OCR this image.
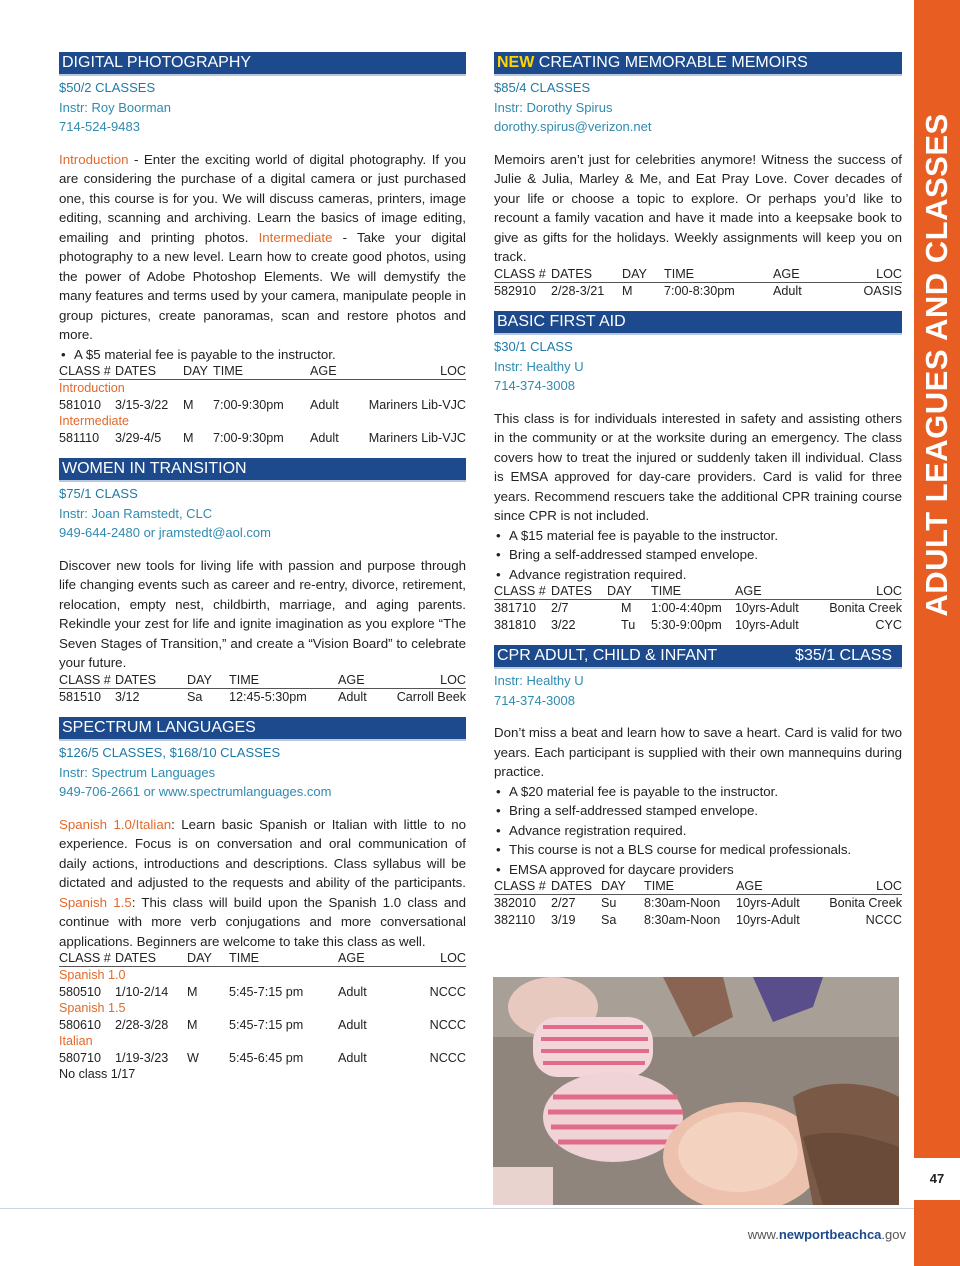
DIGITAL PHOTOGRAPHY
$50/2 CLASSES
Instr: Roy Boorman
714-524-9483

Introduction - Enter the exciting world of digital photography. If you are considering the purchase of a digital camera or just purchased one, this course is for you. We will discuss cameras, printers, image editing, scanning and archiving. Learn the basics of image editing, emailing and printing photos. Intermediate - Take your digital photography to a new level. Learn how to create good photos, using the power of Adobe Photoshop Elements. We will demystify the many features and terms used by your camera, manipulate people in group pictures, create panoramas, scan and restore photos and more.

• A $5 material fee is payable to the instructor.
CLASS #	DATES	DAY	TIME	AGE	LOC
Introduction					
581010	3/15-3/22	M	7:00-9:30pm	Adult	Mariners Lib-VJC
Intermediate					
581110	3/29-4/5	M	7:00-9:30pm	Adult	Mariners Lib-VJC
WOMEN IN TRANSITION
$75/1 CLASS
Instr: Joan Ramstedt, CLC
949-644-2480 or jramstedt@aol.com

Discover new tools for living life with passion and purpose through life changing events such as career and re-entry, divorce, retirement, relocation, empty nest, childbirth, marriage, and aging parents. Rekindle your zest for life and ignite imagination as you explore “The Seven Stages of Transition,” and create a “Vision Board” to celebrate your future.

CLASS #	DATES	DAY	TIME	AGE	LOC
581510	3/12	Sa	12:45-5:30pm	Adult	Carroll Beek
SPECTRUM LANGUAGES
$126/5 CLASSES, $168/10 CLASSES
Instr: Spectrum Languages
949-706-2661 or www.spectrumlanguages.com

Spanish 1.0/Italian: Learn basic Spanish or Italian with little to no experience. Focus is on conversation and oral communication of daily actions, introductions and descriptions. Class syllabus will be dictated and adjusted to the requests and ability of the participants. Spanish 1.5: This class will build upon the Spanish 1.0 class and continue with more verb conjugations and more conversational applications. Beginners are welcome to take this class as well.

CLASS #	DATES	DAY	TIME	AGE	LOC
Spanish 1.0					
580510	1/10-2/14	M	5:45-7:15 pm	Adult	NCCC
Spanish 1.5					
580610	2/28-3/28	M	5:45-7:15 pm	Adult	NCCC
Italian					
580710	1/19-3/23	W	5:45-6:45 pm	Adult	NCCC
No class 1/17					
NEW CREATING MEMORABLE MEMOIRS
$85/4 CLASSES
Instr: Dorothy Spirus
dorothy.spirus@verizon.net

Memoirs aren’t just for celebrities anymore! Witness the success of Julie & Julia, Marley & Me, and Eat Pray Love. Cover decades of your life or choose a topic to explore. Or perhaps you’d like to recount a family vacation and have it made into a keepsake book to give as gifts for the holidays. Weekly assignments will keep you on track.

CLASS #	DATES	DAY	TIME	AGE	LOC
582910	2/28-3/21	M	7:00-8:30pm	Adult	OASIS
BASIC FIRST AID
$30/1 CLASS
Instr: Healthy U
714-374-3008

This class is for individuals interested in safety and assisting others in the community or at the worksite during an emergency. The class covers how to treat the injured or suddenly taken ill individual. Class is EMSA approved for day-care providers. Card is valid for three years. Recommend rescuers take the additional CPR training course since CPR is not included.

• A $15 material fee is payable to the instructor.
• Bring a self-addressed stamped envelope.
• Advance registration required.
CLASS #	DATES	DAY	TIME	AGE	LOC
381710	2/7	M	1:00-4:40pm	10yrs-Adult	Bonita Creek
381810	3/22	Tu	5:30-9:00pm	10yrs-Adult	CYC
CPR ADULT, CHILD & INFANT	$35/1 CLASS
Instr: Healthy U
714-374-3008

Don’t miss a beat and learn how to save a heart. Card is valid for two years. Each participant is supplied with their own mannequins during practice.

• A $20 material fee is payable to the instructor.
• Bring a self-addressed stamped envelope.
• Advance registration required.
• This course is not a BLS course for medical professionals.
• EMSA approved for daycare providers
CLASS #	DATES	DAY	TIME	AGE	LOC
382010	2/27	Su	8:30am-Noon	10yrs-Adult	Bonita Creek
382110	3/19	Sa	8:30am-Noon	10yrs-Adult	NCCC
ADULT LEAGUES AND CLASSES
47
www.newportbeachca.gov
